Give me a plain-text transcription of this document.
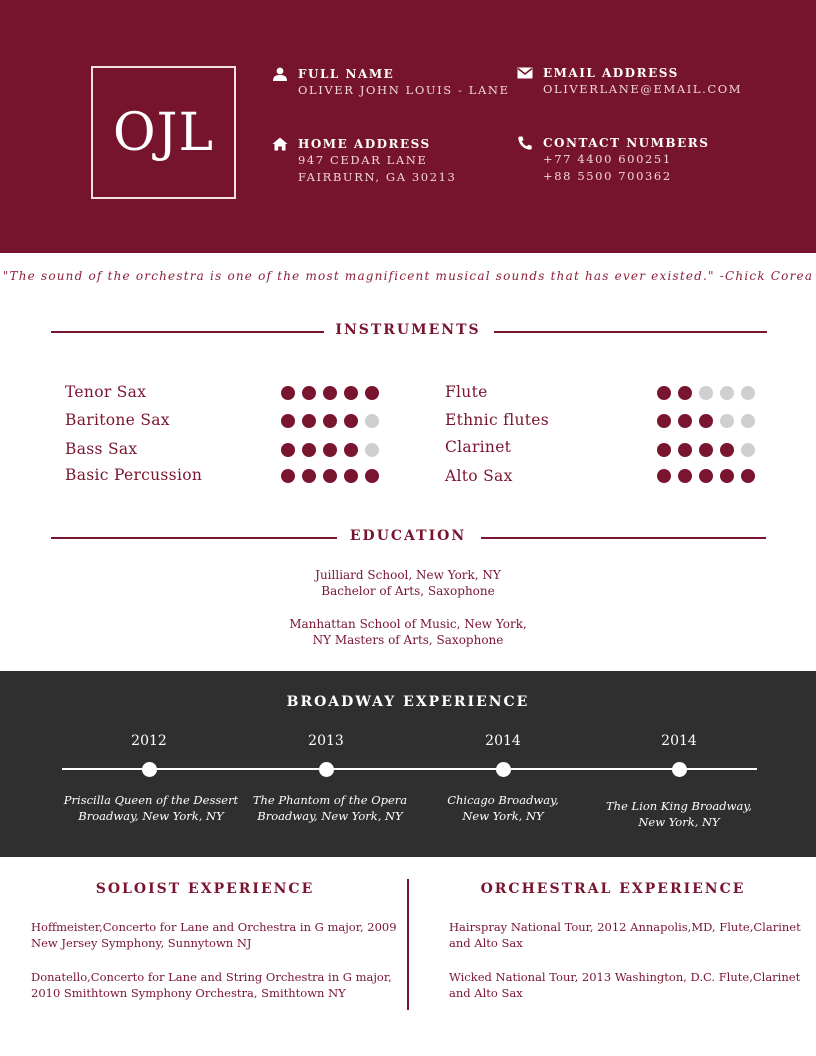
OJL
FULL NAME
OLIVER JOHN LOUIS - LANE
EMAIL ADDRESS
OLIVERLANE@EMAIL.COM
HOME ADDRESS
947 CEDAR LANE
FAIRBURN, GA 30213
CONTACT NUMBERS
+77 4400 600251
+88 5500 700362
"The sound of the orchestra is one of the most magnificent musical sounds that has ever existed." -Chick Corea
INSTRUMENTS
Tenor Sax
Baritone Sax
Bass Sax
Basic Percussion
Flute
Ethnic flutes
Clarinet
Alto Sax
EDUCATION
Juilliard School, New York, NY
Bachelor of Arts, Saxophone
Manhattan School of Music, New York,
NY Masters of Arts, Saxophone
BROADWAY EXPERIENCE
2012
Priscilla Queen of the Dessert
Broadway, New York, NY
2013
The Phantom of the Opera
Broadway, New York, NY
2014
Chicago Broadway,
New York, NY
2014
The Lion King Broadway,
New York, NY
SOLOIST EXPERIENCE	ORCHESTRAL EXPERIENCE
Hoffmeister,Concerto for Lane and Orchestra in G major, 2009
New Jersey Symphony, Sunnytown NJ
Donatello,Concerto for Lane and String Orchestra in G major,
2010 Smithtown Symphony Orchestra, Smithtown NY
Hairspray National Tour, 2012 Annapolis,MD, Flute,Clarinet
and Alto Sax
Wicked National Tour, 2013 Washington, D.C. Flute,Clarinet
and Alto Sax
